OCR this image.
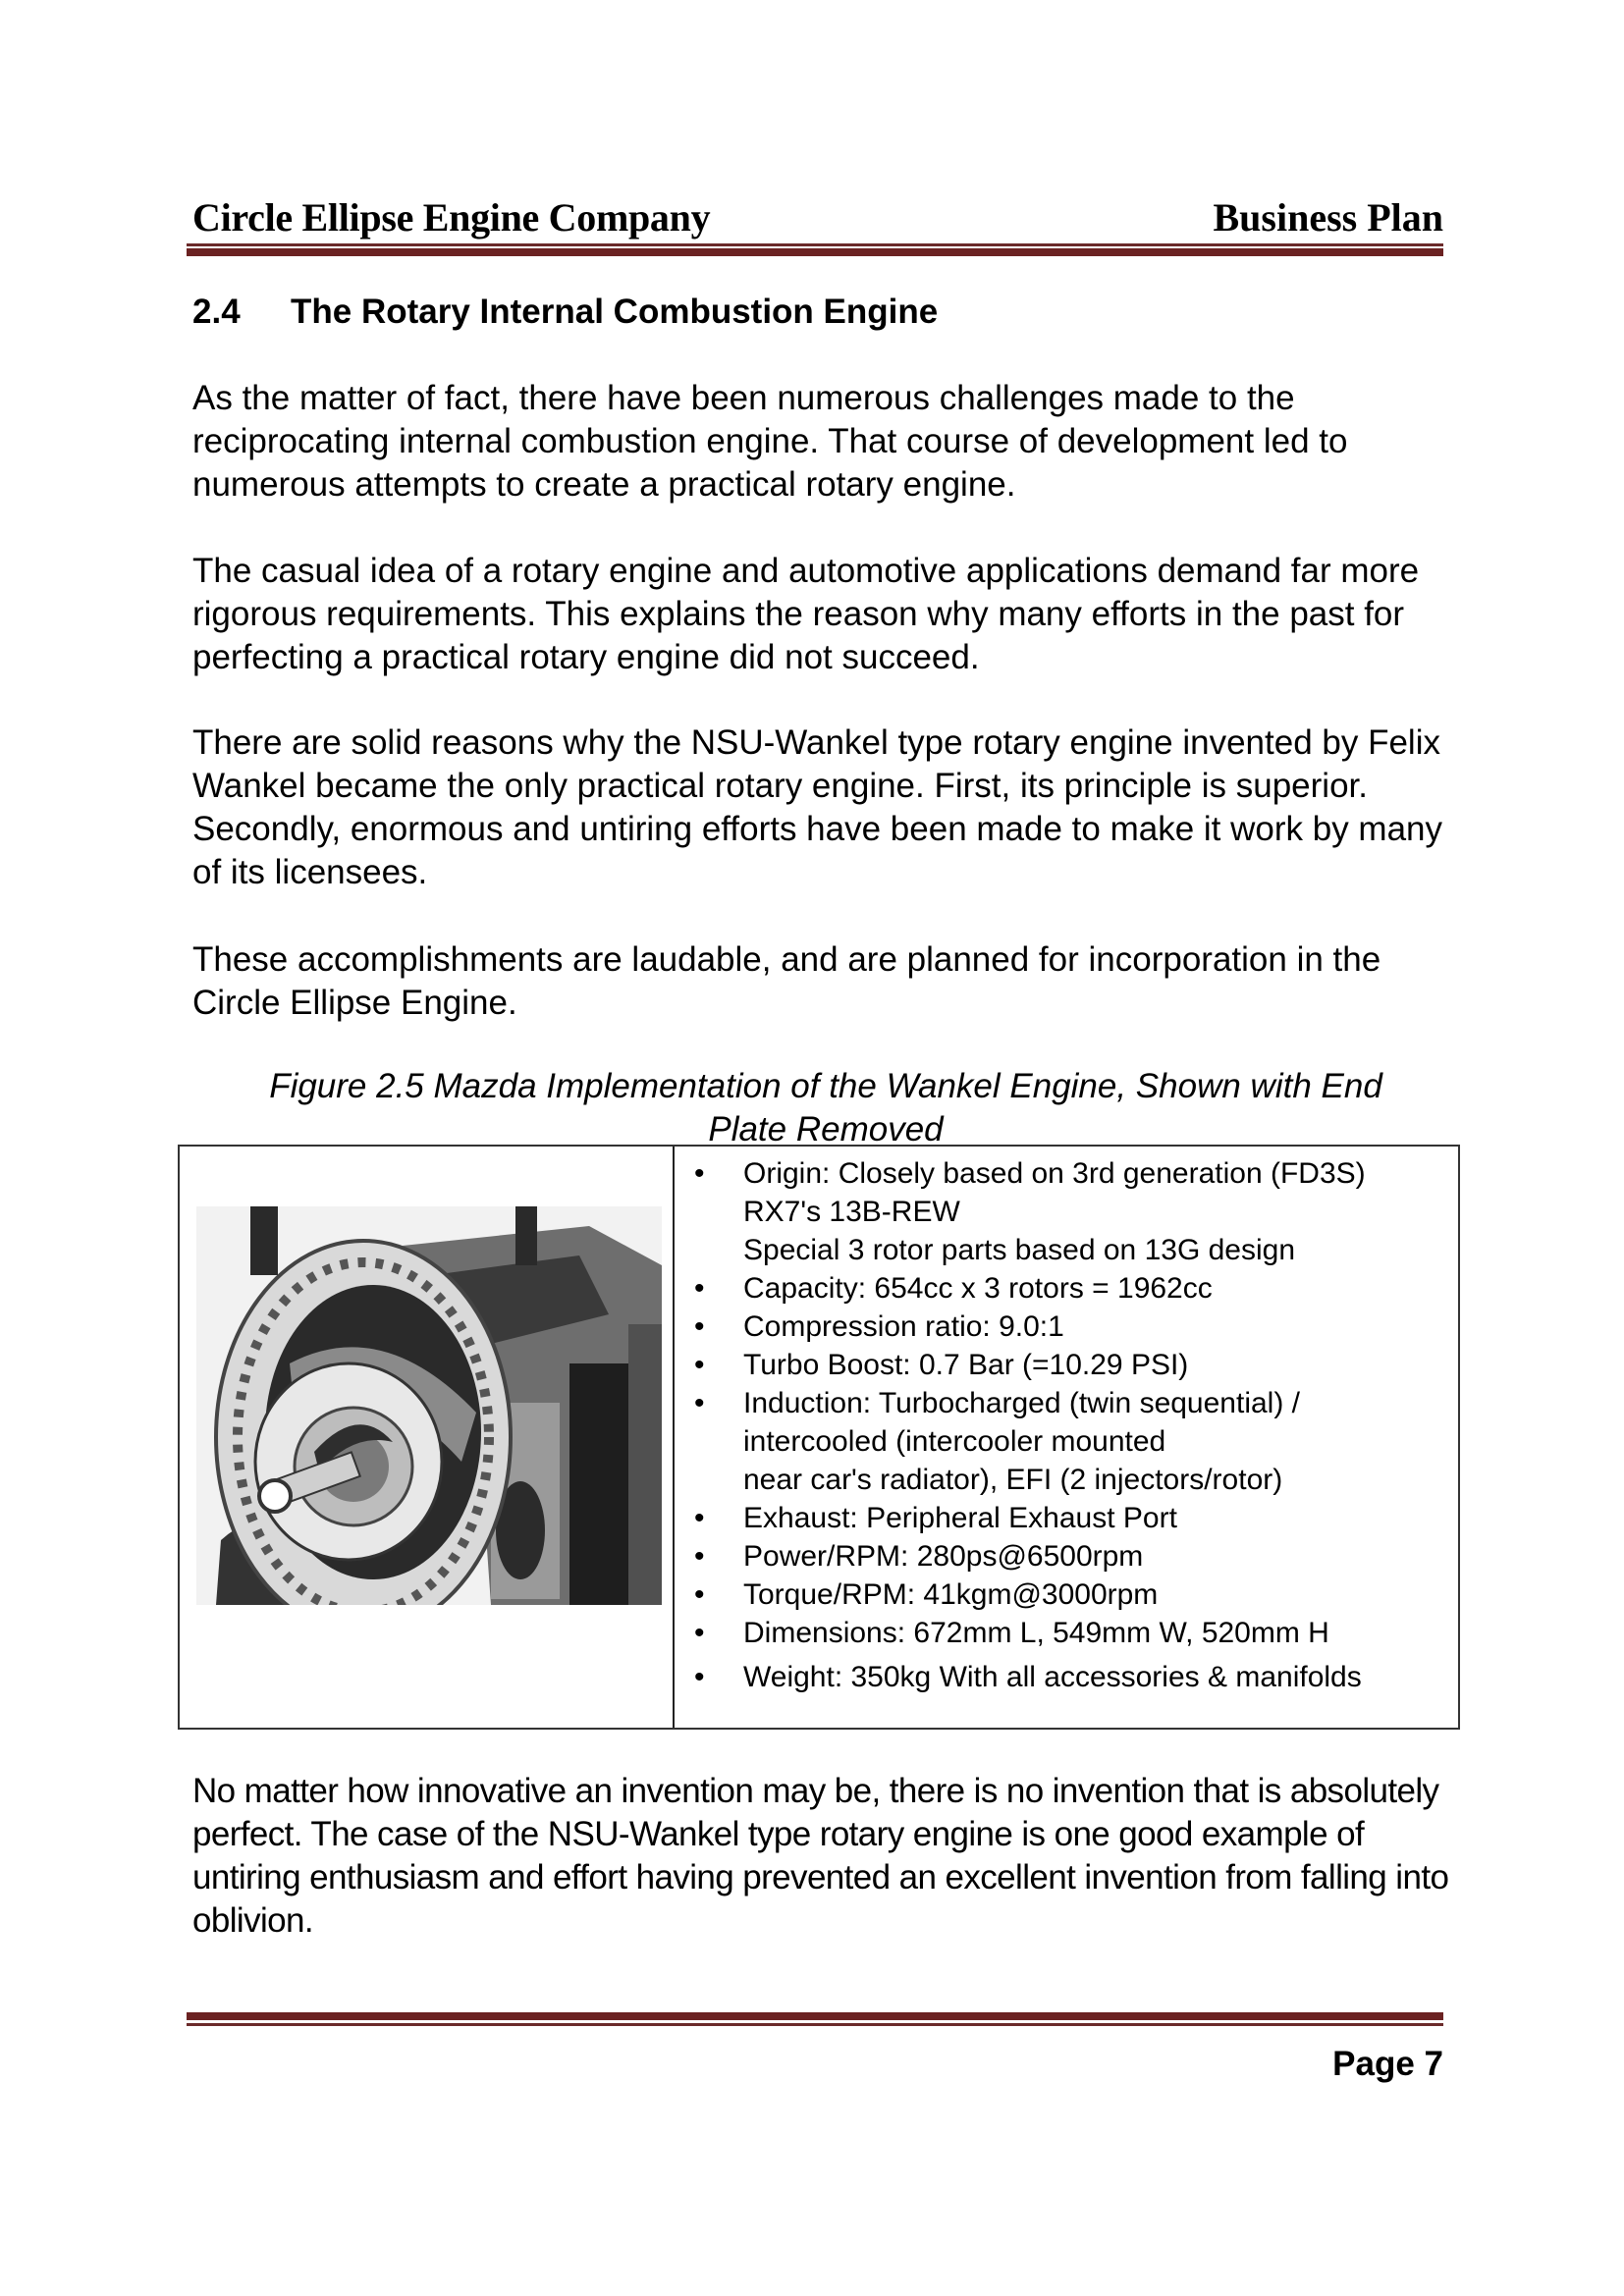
Circle Ellipse Engine Company	Business Plan
2.4 The Rotary Internal Combustion Engine
As the matter of fact, there have been numerous challenges made to the reciprocating internal combustion engine. That course of development led to numerous attempts to create a practical rotary engine.
The casual idea of a rotary engine and automotive applications demand far more rigorous requirements. This explains the reason why many efforts in the past for perfecting a practical rotary engine did not succeed.
There are solid reasons why the NSU-Wankel type rotary engine invented by Felix Wankel became the only practical rotary engine. First, its principle is superior. Secondly, enormous and untiring efforts have been made to make it work by many of its licensees.
These accomplishments are laudable, and are planned for incorporation in the Circle Ellipse Engine.
Figure 2.5 Mazda Implementation of the Wankel Engine, Shown with End
Plate Removed
• Origin: Closely based on 3rd generation (FD3S)
RX7's 13B-REW
Special 3 rotor parts based on 13G design
• Capacity: 654cc x 3 rotors = 1962cc
• Compression ratio: 9.0:1
• Turbo Boost: 0.7 Bar (=10.29 PSI)
• Induction: Turbocharged (twin sequential) /
intercooled (intercooler mounted
near car's radiator), EFI (2 injectors/rotor)
• Exhaust: Peripheral Exhaust Port
• Power/RPM: 280ps@6500rpm
• Torque/RPM: 41kgm@3000rpm
• Dimensions: 672mm L, 549mm W, 520mm H
• Weight: 350kg With all accessories & manifolds
No matter how innovative an invention may be, there is no invention that is absolutely perfect. The case of the NSU-Wankel type rotary engine is one good example of untiring enthusiasm and effort having prevented an excellent invention from falling into oblivion.
Page 7
